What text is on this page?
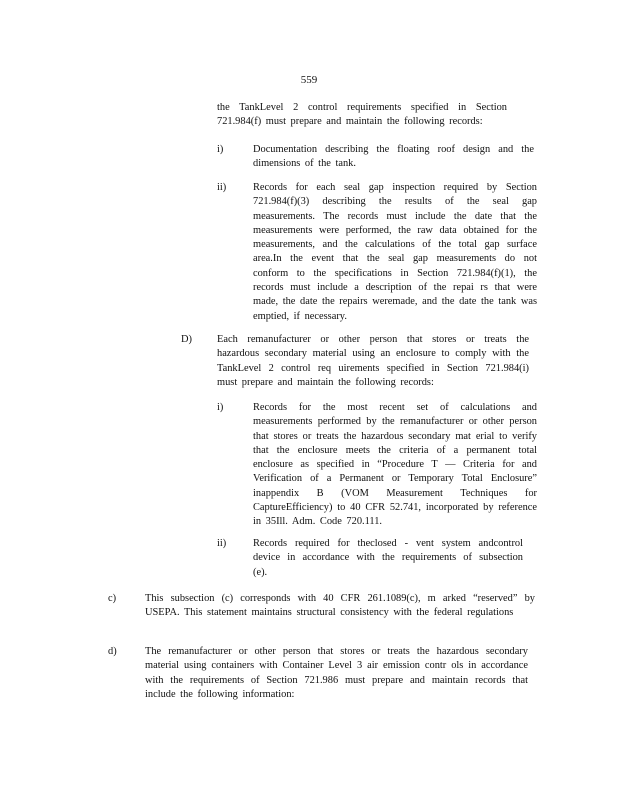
559
the TankLevel 2 control requirements specified in Section 721.984(f) must prepare and maintain the following records:
i)	Documentation describing the floating roof design and the dimensions of the tank.
ii)	Records for each seal gap inspection required by Section 721.984(f)(3) describing the results of the seal gap measurements. The records must include the date that the measurements were performed, the raw data obtained for the measurements, and the calculations of the total gap surface area.In the event that the seal gap measurements do not conform to the specifications in Section 721.984(f)(1), the records must include a description of the repai rs that were made, the date the repairs weremade, and the date the tank was emptied, if necessary.
D) Each remanufacturer or other person that stores or treats the hazardous secondary material using an enclosure to comply with the TankLevel 2 control req uirements specified in Section 721.984(i) must prepare and maintain the following records:
i)	Records for the most recent set of calculations and measurements performed by the remanufacturer or other person that stores or treats the hazardous secondary mat erial to verify that the enclosure meets the criteria of a permanent total enclosure as specified in “Procedure T — Criteria for and Verification of a Permanent or Temporary Total Enclosure” inappendix B (VOM Measurement Techniques for CaptureEfficiency) to 40 CFR 52.741, incorporated by reference in 35Ill. Adm. Code 720.111.
ii)	Records required for theclosed - vent system andcontrol device in accordance with the requirements of subsection (e).
c)	This subsection (c) corresponds with 40 CFR 261.1089(c), m arked “reserved” by USEPA. This statement maintains structural consistency with the federal regulations
d)	The remanufacturer or other person that stores or treats the hazardous secondary material using containers with Container Level 3 air emission contr ols in accordance with the requirements of Section 721.986 must prepare and maintain records that include the following information:
